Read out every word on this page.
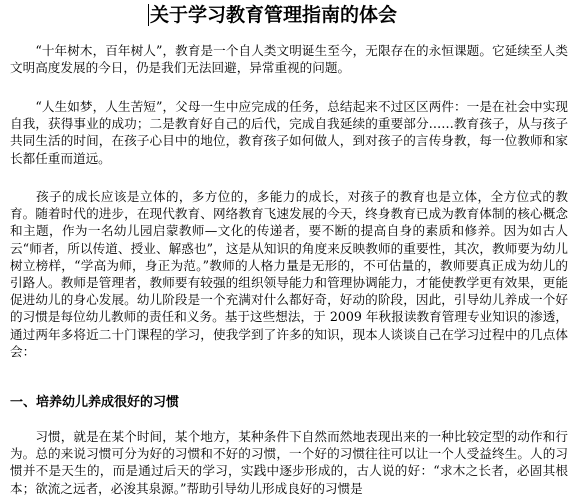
关于学习教育管理指南的体会

　　“十年树木，百年树人”，教育是一个自人类文明诞生至今，无限存在的永恒课题。它延续至人类文明高度发展的今日，仍是我们无法回避，异常重视的问题。

　　“人生如梦，人生苦短”，父母一生中应完成的任务，总结起来不过区区两件：一是在社会中实现自我，获得事业的成功；二是教育好自己的后代，完成自我延续的重要部分……教育孩子，从与孩子共同生活的时间，在孩子心目中的地位，教育孩子如何做人，到对孩子的言传身教，每一位教师和家长都任重而道远。

　　孩子的成长应该是立体的，多方位的，多能力的成长，对孩子的教育也是立体，全方位式的教育。随着时代的进步，在现代教育、网络教育飞速发展的今天，终身教育已成为教育体制的核心概念和主题，作为一名幼儿园启蒙教师—文化的传递者，要不断的提高自身的素质和修养。因为如古人云“师者，所以传道、授业、解惑也”，这是从知识的角度来反映教师的重要性，其次，教师要为幼儿树立榜样，“学高为师，身正为范。”教师的人格力量是无形的，不可估量的，教师要真正成为幼儿的引路人。教师是管理者，教师要有较强的组织领导能力和管理协调能力，才能使教学更有效果，更能促进幼儿的身心发展。幼儿阶段是一个充满对什么都好奇，好动的阶段，因此，引导幼儿养成一个好的习惯是每位幼儿教师的责任和义务。基于这些想法，于 2009 年秋报读教育管理专业知识的渗透，通过两年多将近二十门课程的学习，使我学到了许多的知识，现本人谈谈自己在学习过程中的几点体会：

一、培养幼儿养成很好的习惯

　　习惯，就是在某个时间，某个地方，某种条件下自然而然地表现出来的一种比较定型的动作和行为。总的来说习惯可分为好的习惯和不好的习惯，一个好的习惯往往可以让一个人受益终生。人的习惯并不是天生的，而是通过后天的学习，实践中逐步形成的，古人说的好：“求木之长者，必固其根本；欲流之远者，必浚其泉源。”帮助引导幼儿形成良好的习惯是
